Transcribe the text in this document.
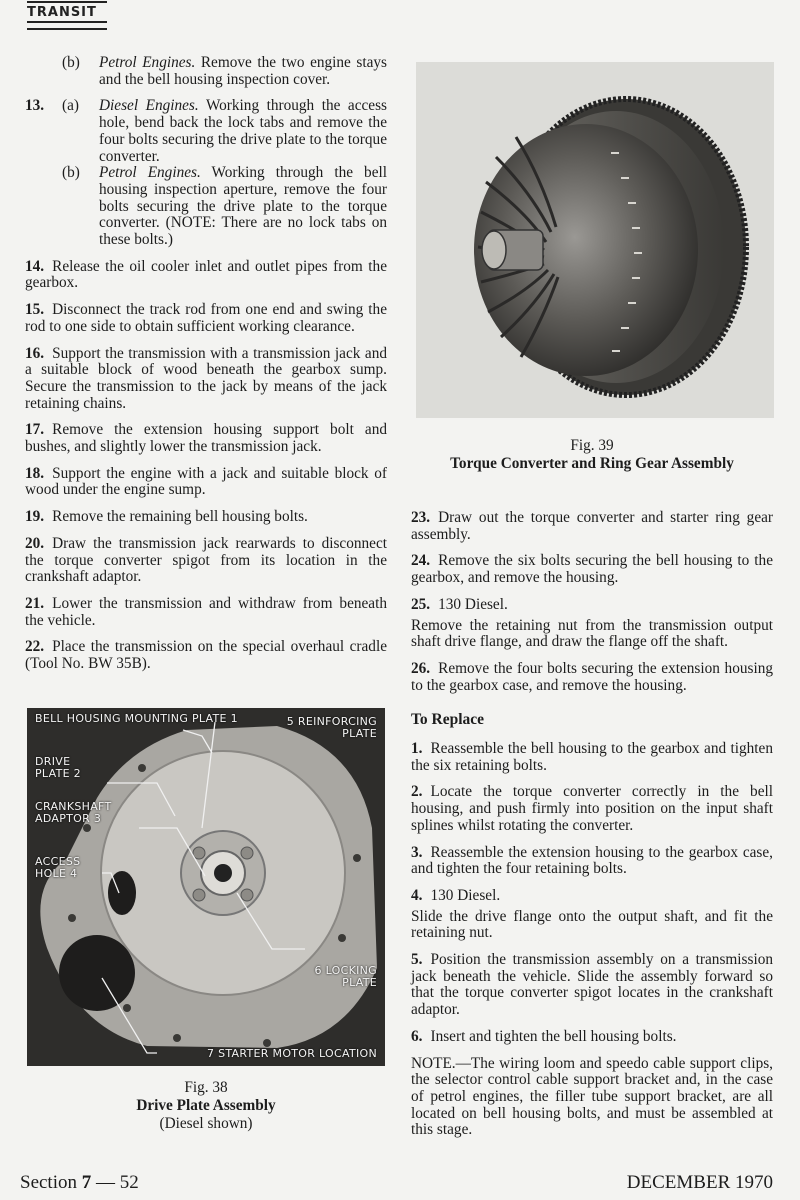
TRANSIT
(b)	Petrol Engines. Remove the two engine stays and the bell housing inspection cover.
13.	(a)	Diesel Engines. Working through the access hole, bend back the lock tabs and remove the four bolts securing the drive plate to the torque converter.
(b)	Petrol Engines. Working through the bell housing inspection aperture, remove the four bolts securing the drive plate to the torque converter. (NOTE: There are no lock tabs on these bolts.)

14. Release the oil cooler inlet and outlet pipes from the gearbox.

15. Disconnect the track rod from one end and swing the rod to one side to obtain sufficient working clearance.

16. Support the transmission with a transmission jack and a suitable block of wood beneath the gearbox sump. Secure the transmission to the jack by means of the jack retaining chains.

17. Remove the extension housing support bolt and bushes, and slightly lower the transmission jack.

18. Support the engine with a jack and suitable block of wood under the engine sump.

19. Remove the remaining bell housing bolts.

20. Draw the transmission jack rearwards to disconnect the torque converter spigot from its location in the crankshaft adaptor.

21. Lower the transmission and withdraw from beneath the vehicle.

22. Place the transmission on the special overhaul cradle (Tool No. BW 35B).

Fig. 39
Torque Converter and Ring Gear Assembly

23. Draw out the torque converter and starter ring gear assembly.

24. Remove the six bolts securing the bell housing to the gearbox, and remove the housing.

25. 130 Diesel.

Remove the retaining nut from the transmission output shaft drive flange, and draw the flange off the shaft.

26. Remove the four bolts securing the extension housing to the gearbox case, and remove the housing.

To Replace

1. Reassemble the bell housing to the gearbox and tighten the six retaining bolts.

2. Locate the torque converter correctly in the bell housing, and push firmly into position on the input shaft splines whilst rotating the converter.

3. Reassemble the extension housing to the gearbox case, and tighten the four retaining bolts.

4. 130 Diesel.

Slide the drive flange onto the output shaft, and fit the retaining nut.

5. Position the transmission assembly on a transmission jack beneath the vehicle. Slide the assembly forward so that the torque converter spigot locates in the crankshaft adaptor.

6. Insert and tighten the bell housing bolts.

NOTE.—The wiring loom and speedo cable support clips, the selector control cable support bracket and, in the case of petrol engines, the filler tube support bracket, are all located on bell housing bolts, and must be assembled at this stage.

BELL HOUSING MOUNTING PLATE 1
DRIVE PLATE 2
CRANKSHAFT ADAPTOR 3
ACCESS HOLE 4
5 REINFORCING PLATE
6 LOCKING PLATE
7 STARTER MOTOR LOCATION
Fig. 38
Drive Plate Assembly
(Diesel shown)
Section 7 — 52	DECEMBER 1970
